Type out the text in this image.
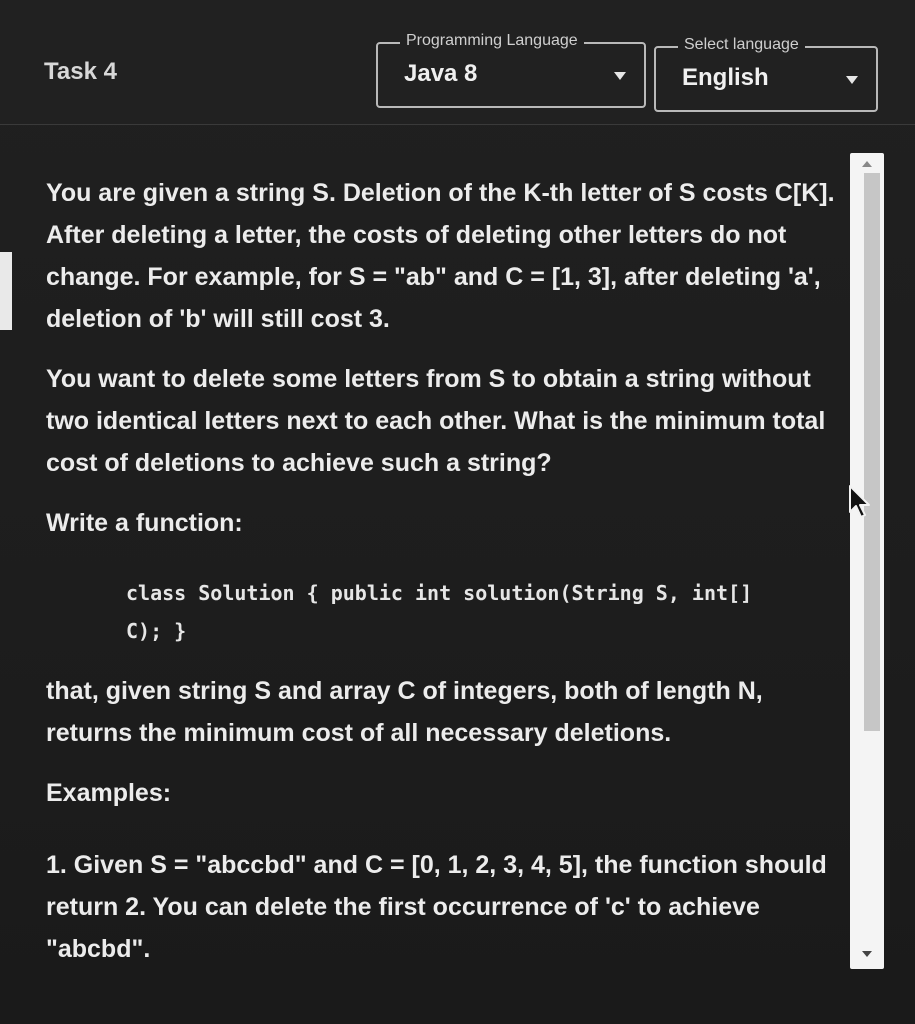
Task 4
Programming Language
Java 8
Select language
English

You are given a string S. Deletion of the K-th letter of S costs C[K]. After deleting a letter, the costs of deleting other letters do not change. For example, for S = "ab" and C = [1, 3], after deleting 'a', deletion of 'b' will still cost 3.

You want to delete some letters from S to obtain a string without two identical letters next to each other. What is the minimum total cost of deletions to achieve such a string?

Write a function:

class Solution { public int solution(String S, int[] C); }

that, given string S and array C of integers, both of length N, returns the minimum cost of all necessary deletions.

Examples:

1. Given S = "abccbd" and C = [0, 1, 2, 3, 4, 5], the function should return 2. You can delete the first occurrence of 'c' to achieve "abcbd".
